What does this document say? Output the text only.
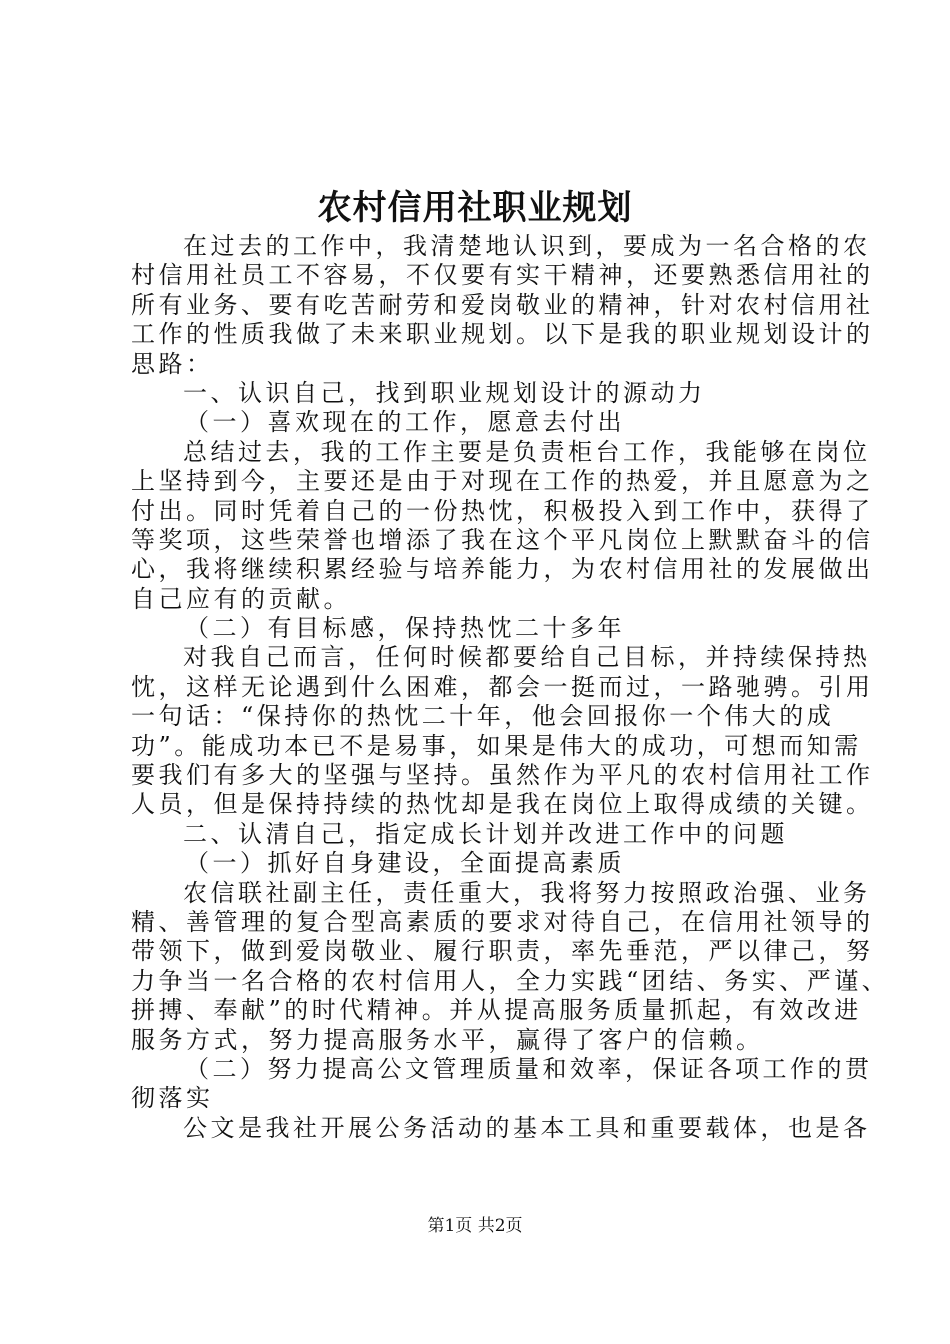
农村信用社职业规划
在过去的工作中，我清楚地认识到，要成为一名合格的农
村信用社员工不容易，不仅要有实干精神，还要熟悉信用社的
所有业务、要有吃苦耐劳和爱岗敬业的精神，针对农村信用社
工作的性质我做了未来职业规划。以下是我的职业规划设计的
思路：
一、认识自己，找到职业规划设计的源动力
（一）喜欢现在的工作，愿意去付出
总结过去，我的工作主要是负责柜台工作，我能够在岗位
上坚持到今，主要还是由于对现在工作的热爱，并且愿意为之
付出。同时凭着自己的一份热忱，积极投入到工作中，获得了
等奖项，这些荣誉也增添了我在这个平凡岗位上默默奋斗的信
心，我将继续积累经验与培养能力，为农村信用社的发展做出
自己应有的贡献。
（二）有目标感，保持热忱二十多年
对我自己而言，任何时候都要给自己目标，并持续保持热
忱，这样无论遇到什么困难，都会一挺而过，一路驰骋。引用
一句话：“保持你的热忱二十年，他会回报你一个伟大的成
功”。能成功本已不是易事，如果是伟大的成功，可想而知需
要我们有多大的坚强与坚持。虽然作为平凡的农村信用社工作
人员，但是保持持续的热忱却是我在岗位上取得成绩的关键。
二、认清自己，指定成长计划并改进工作中的问题
（一）抓好自身建设，全面提高素质
农信联社副主任，责任重大，我将努力按照政治强、业务
精、善管理的复合型高素质的要求对待自己，在信用社领导的
带领下，做到爱岗敬业、履行职责，率先垂范，严以律己，努
力争当一名合格的农村信用人，全力实践“团结、务实、严谨、
拼搏、奉献”的时代精神。并从提高服务质量抓起，有效改进
服务方式，努力提高服务水平，赢得了客户的信赖。
（二）努力提高公文管理质量和效率，保证各项工作的贯
彻落实
公文是我社开展公务活动的基本工具和重要载体，也是各
第1页 共2页
